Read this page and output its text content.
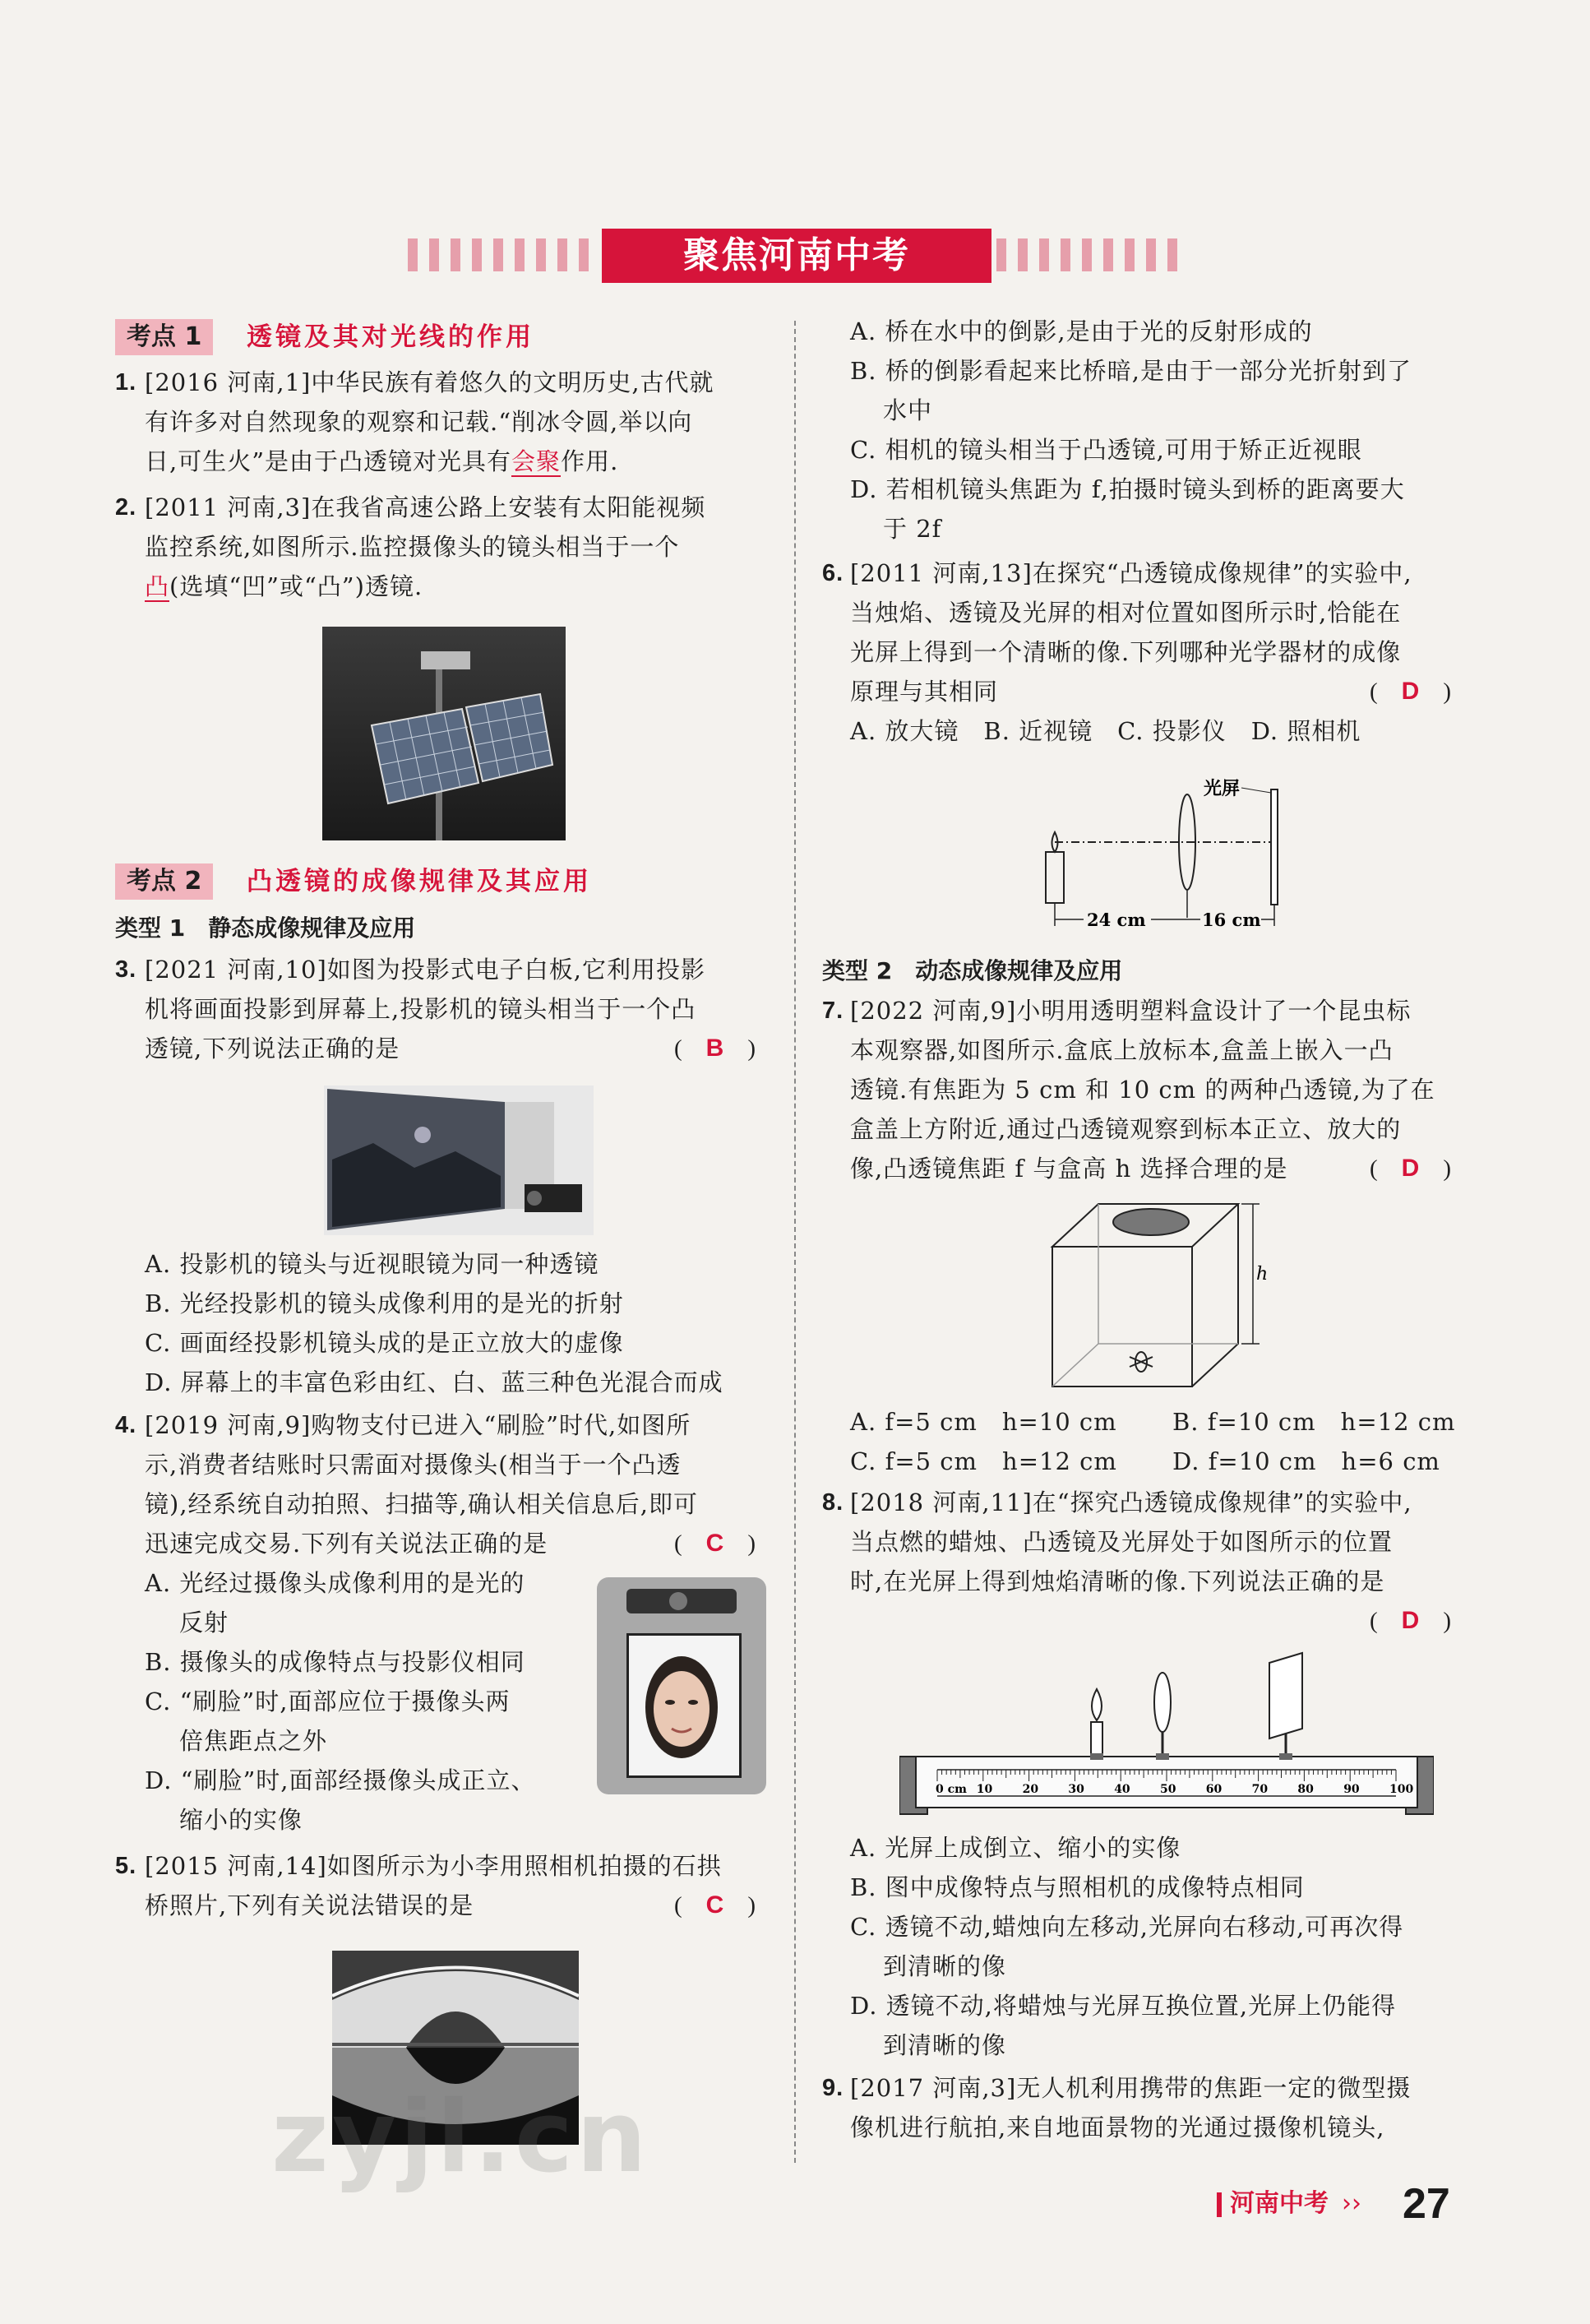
聚焦河南中考
考点 1	透镜及其对光线的作用
1. [2016 河南,1]中华民族有着悠久的文明历史,古代就
有许多对自然现象的观察和记载.“削冰令圆,举以向
日,可生火”是由于凸透镜对光具有会聚作用.
2. [2011 河南,3]在我省高速公路上安装有太阳能视频
监控系统,如图所示.监控摄像头的镜头相当于一个
凸(选填“凹”或“凸”)透镜.
考点 2	凸透镜的成像规律及其应用
类型 1　静态成像规律及应用
3. [2021 河南,10]如图为投影式电子白板,它利用投影
机将画面投影到屏幕上,投影机的镜头相当于一个凸
透镜,下列说法正确的是	(　B　)
A. 投影机的镜头与近视眼镜为同一种透镜
B. 光经投影机的镜头成像利用的是光的折射
C. 画面经投影机镜头成的是正立放大的虚像
D. 屏幕上的丰富色彩由红、白、蓝三种色光混合而成
4. [2019 河南,9]购物支付已进入“刷脸”时代,如图所
示,消费者结账时只需面对摄像头(相当于一个凸透
镜),经系统自动拍照、扫描等,确认相关信息后,即可
迅速完成交易.下列有关说法正确的是	(　C　)
A. 光经过摄像头成像利用的是光的
反射
B. 摄像头的成像特点与投影仪相同
C. “刷脸”时,面部应位于摄像头两
倍焦距点之外
D. “刷脸”时,面部经摄像头成正立、
缩小的实像
5. [2015 河南,14]如图所示为小李用照相机拍摄的石拱
桥照片,下列有关说法错误的是	(　C　)
A. 桥在水中的倒影,是由于光的反射形成的
B. 桥的倒影看起来比桥暗,是由于一部分光折射到了
水中
C. 相机的镜头相当于凸透镜,可用于矫正近视眼
D. 若相机镜头焦距为 f,拍摄时镜头到桥的距离要大
于 2f
6. [2011 河南,13]在探究“凸透镜成像规律”的实验中,
当烛焰、透镜及光屏的相对位置如图所示时,恰能在
光屏上得到一个清晰的像.下列哪种光学器材的成像
原理与其相同	(　D　)
A. 放大镜　B. 近视镜　C. 投影仪　D. 照相机
光屏
24 cm	16 cm
类型 2　动态成像规律及应用
7. [2022 河南,9]小明用透明塑料盒设计了一个昆虫标
本观察器,如图所示.盒底上放标本,盒盖上嵌入一凸
透镜.有焦距为 5 cm 和 10 cm 的两种凸透镜,为了在
盒盖上方附近,通过凸透镜观察到标本正立、放大的
像,凸透镜焦距 f 与盒高 h 选择合理的是	(　D　)
h
A. f=5 cm　h=10 cm B. f=10 cm　h=12 cm
C. f=5 cm　h=12 cm D. f=10 cm　h=6 cm
8. [2018 河南,11]在“探究凸透镜成像规律”的实验中,
当点燃的蜡烛、凸透镜及光屏处于如图所示的位置
时,在光屏上得到烛焰清晰的像.下列说法正确的是
(　D　)
0 cm 10	20	30	40	50	60	70	80	90	100
A. 光屏上成倒立、缩小的实像
B. 图中成像特点与照相机的成像特点相同
C. 透镜不动,蜡烛向左移动,光屏向右移动,可再次得
到清晰的像
D. 透镜不动,将蜡烛与光屏互换位置,光屏上仍能得
到清晰的像
9. [2017 河南,3]无人机利用携带的焦距一定的微型摄
像机进行航拍,来自地面景物的光通过摄像机镜头,
zyjl.cn
河南中考 ›› 27
